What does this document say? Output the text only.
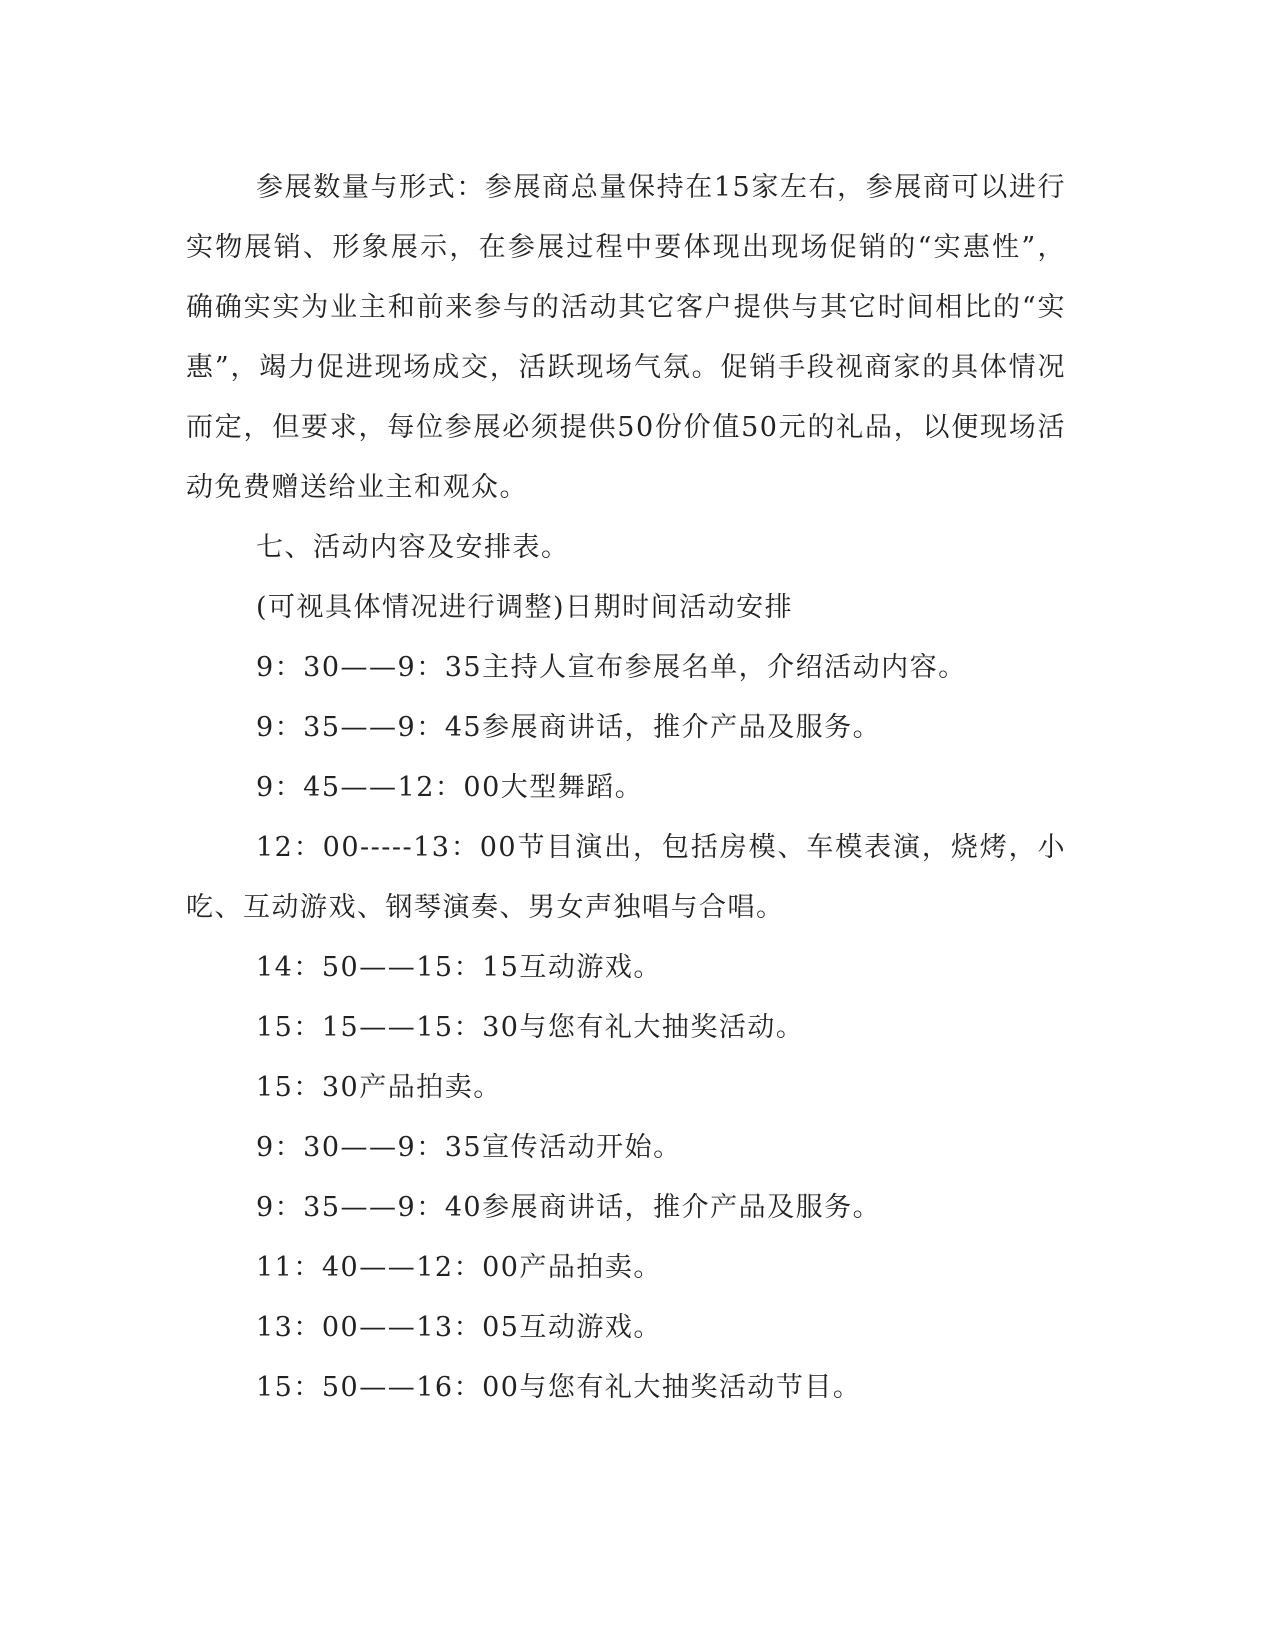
参展数量与形式：参展商总量保持在15家左右，参展商可以进行实物展销、形象展示，在参展过程中要体现出现场促销的“实惠性”，确确实实为业主和前来参与的活动其它客户提供与其它时间相比的“实惠”，竭力促进现场成交，活跃现场气氛。促销手段视商家的具体情况而定，但要求，每位参展必须提供50份价值50元的礼品，以便现场活动免费赠送给业主和观众。

七、活动内容及安排表。

(可视具体情况进行调整)日期时间活动安排

9：30——9：35主持人宣布参展名单，介绍活动内容。

9：35——9：45参展商讲话，推介产品及服务。

9：45——12：00大型舞蹈。

12：00-----13：00节目演出，包括房模、车模表演，烧烤，小吃、互动游戏、钢琴演奏、男女声独唱与合唱。

14：50——15：15互动游戏。

15：15——15：30与您有礼大抽奖活动。

15：30产品拍卖。

9：30——9：35宣传活动开始。

9：35——9：40参展商讲话，推介产品及服务。

11：40——12：00产品拍卖。

13：00——13：05互动游戏。

15：50——16：00与您有礼大抽奖活动节目。
